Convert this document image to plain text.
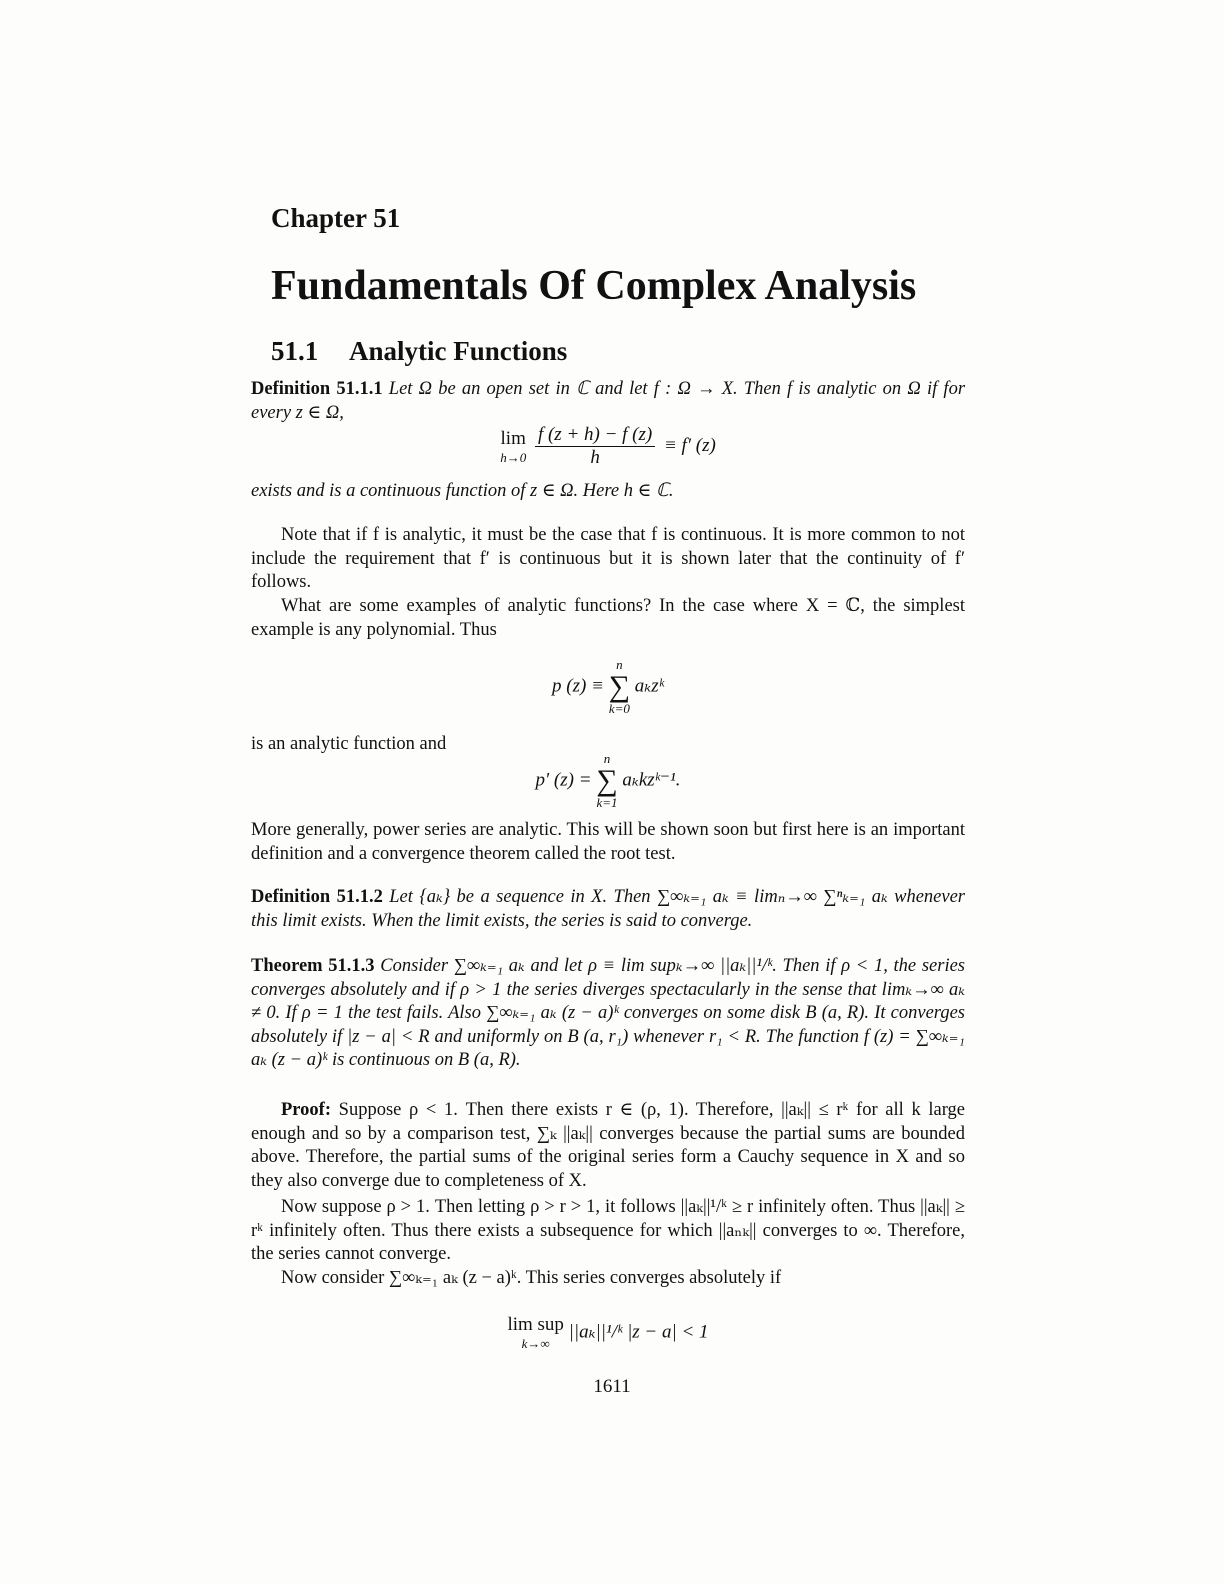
Chapter 51
Fundamentals Of Complex Analysis
51.1 Analytic Functions
Definition 51.1.1 Let Ω be an open set in ℂ and let f : Ω → X. Then f is analytic on Ω if for every z ∈ Ω,
lim
h→0
$\frac{f (z + h) - f (z)}{h} \equiv f'$ (z)
exists and is a continuous function of z ∈ Ω. Here h ∈ ℂ.
Note that if f is analytic, it must be the case that f is continuous. It is more common to not include the requirement that f′ is continuous but it is shown later that the continuity of f′ follows.
What are some examples of analytic functions? In the case where X = ℂ, the simplest example is any polynomial. Thus
p (z) ≡
n
∑
k=0
aₖzᵏ
is an analytic function and
p′ (z) =
n
∑
k=1
aₖkzᵏ⁻¹.
More generally, power series are analytic. This will be shown soon but first here is an important definition and a convergence theorem called the root test.
Definition 51.1.2 Let {aₖ} be a sequence in X. Then ∑∞ₖ₌₁ aₖ ≡ limₙ→∞ ∑ⁿₖ₌₁ aₖ whenever this limit exists. When the limit exists, the series is said to converge.
Theorem 51.1.3 Consider ∑∞ₖ₌₁ aₖ and let ρ ≡ lim supₖ→∞ ||aₖ||¹/ᵏ. Then if ρ < 1, the series converges absolutely and if ρ > 1 the series diverges spectacularly in the sense that limₖ→∞ aₖ ≠ 0. If ρ = 1 the test fails. Also ∑∞ₖ₌₁ aₖ (z − a)ᵏ converges on some disk B (a, R). It converges absolutely if |z − a| < R and uniformly on B (a, r₁) whenever r₁ < R. The function f (z) = ∑∞ₖ₌₁ aₖ (z − a)ᵏ is continuous on B (a, R).
Proof: Suppose ρ < 1. Then there exists r ∈ (ρ, 1). Therefore, ||aₖ|| ≤ rᵏ for all k large enough and so by a comparison test, ∑ₖ ||aₖ|| converges because the partial sums are bounded above. Therefore, the partial sums of the original series form a Cauchy sequence in X and so they also converge due to completeness of X.
Now suppose ρ > 1. Then letting ρ > r > 1, it follows ||aₖ||¹/ᵏ ≥ r infinitely often. Thus ||aₖ|| ≥ rᵏ infinitely often. Thus there exists a subsequence for which ||aₙₖ|| converges to ∞. Therefore, the series cannot converge.
Now consider ∑∞ₖ₌₁ aₖ (z − a)ᵏ. This series converges absolutely if
lim sup
k→∞
||aₖ||¹/ᵏ |z − a| < 1
1611
